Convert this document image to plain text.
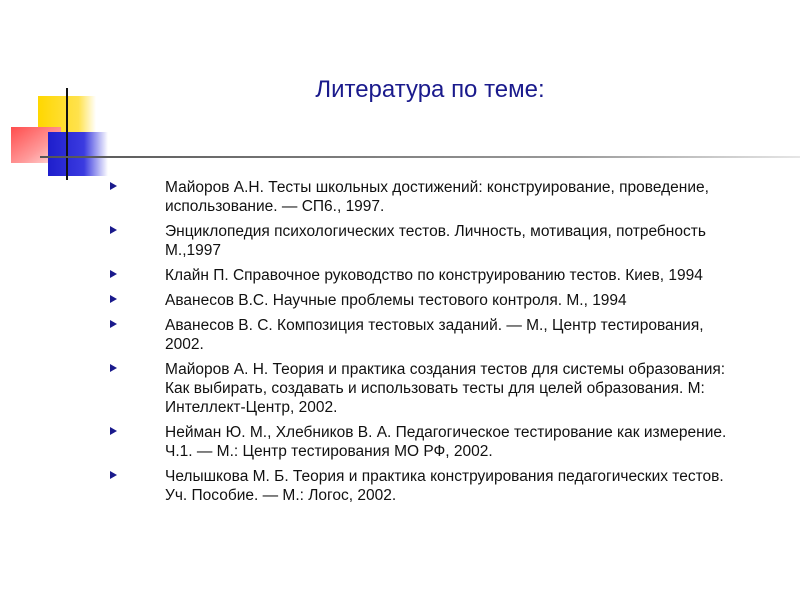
Литература по теме:
Майоров А.Н. Тесты школьных достижений: конструирование, проведение,
использование. — СП6., 1997.
Энциклопедия психологических тестов. Личность, мотивация, потребность
М.,1997
Клайн П. Справочное руководство по конструированию тестов. Киев, 1994
Аванесов В.С. Научные проблемы тестового контроля. М., 1994
Аванесов В. С. Композиция тестовых заданий. — М., Центр тестирования,
2002.
Майоров А. Н. Теория и практика создания тестов для системы образования:
Как выбирать, создавать и использовать тесты для целей образования. М:
Интеллект-Центр, 2002.
Нейман Ю. М., Хлебников В. А. Педагогическое тестирование как измерение.
Ч.1. — М.: Центр тестирования МО РФ, 2002.
Челышкова М. Б. Теория и практика конструирования педагогических тестов.
Уч. Пособие. — М.: Логос, 2002.
